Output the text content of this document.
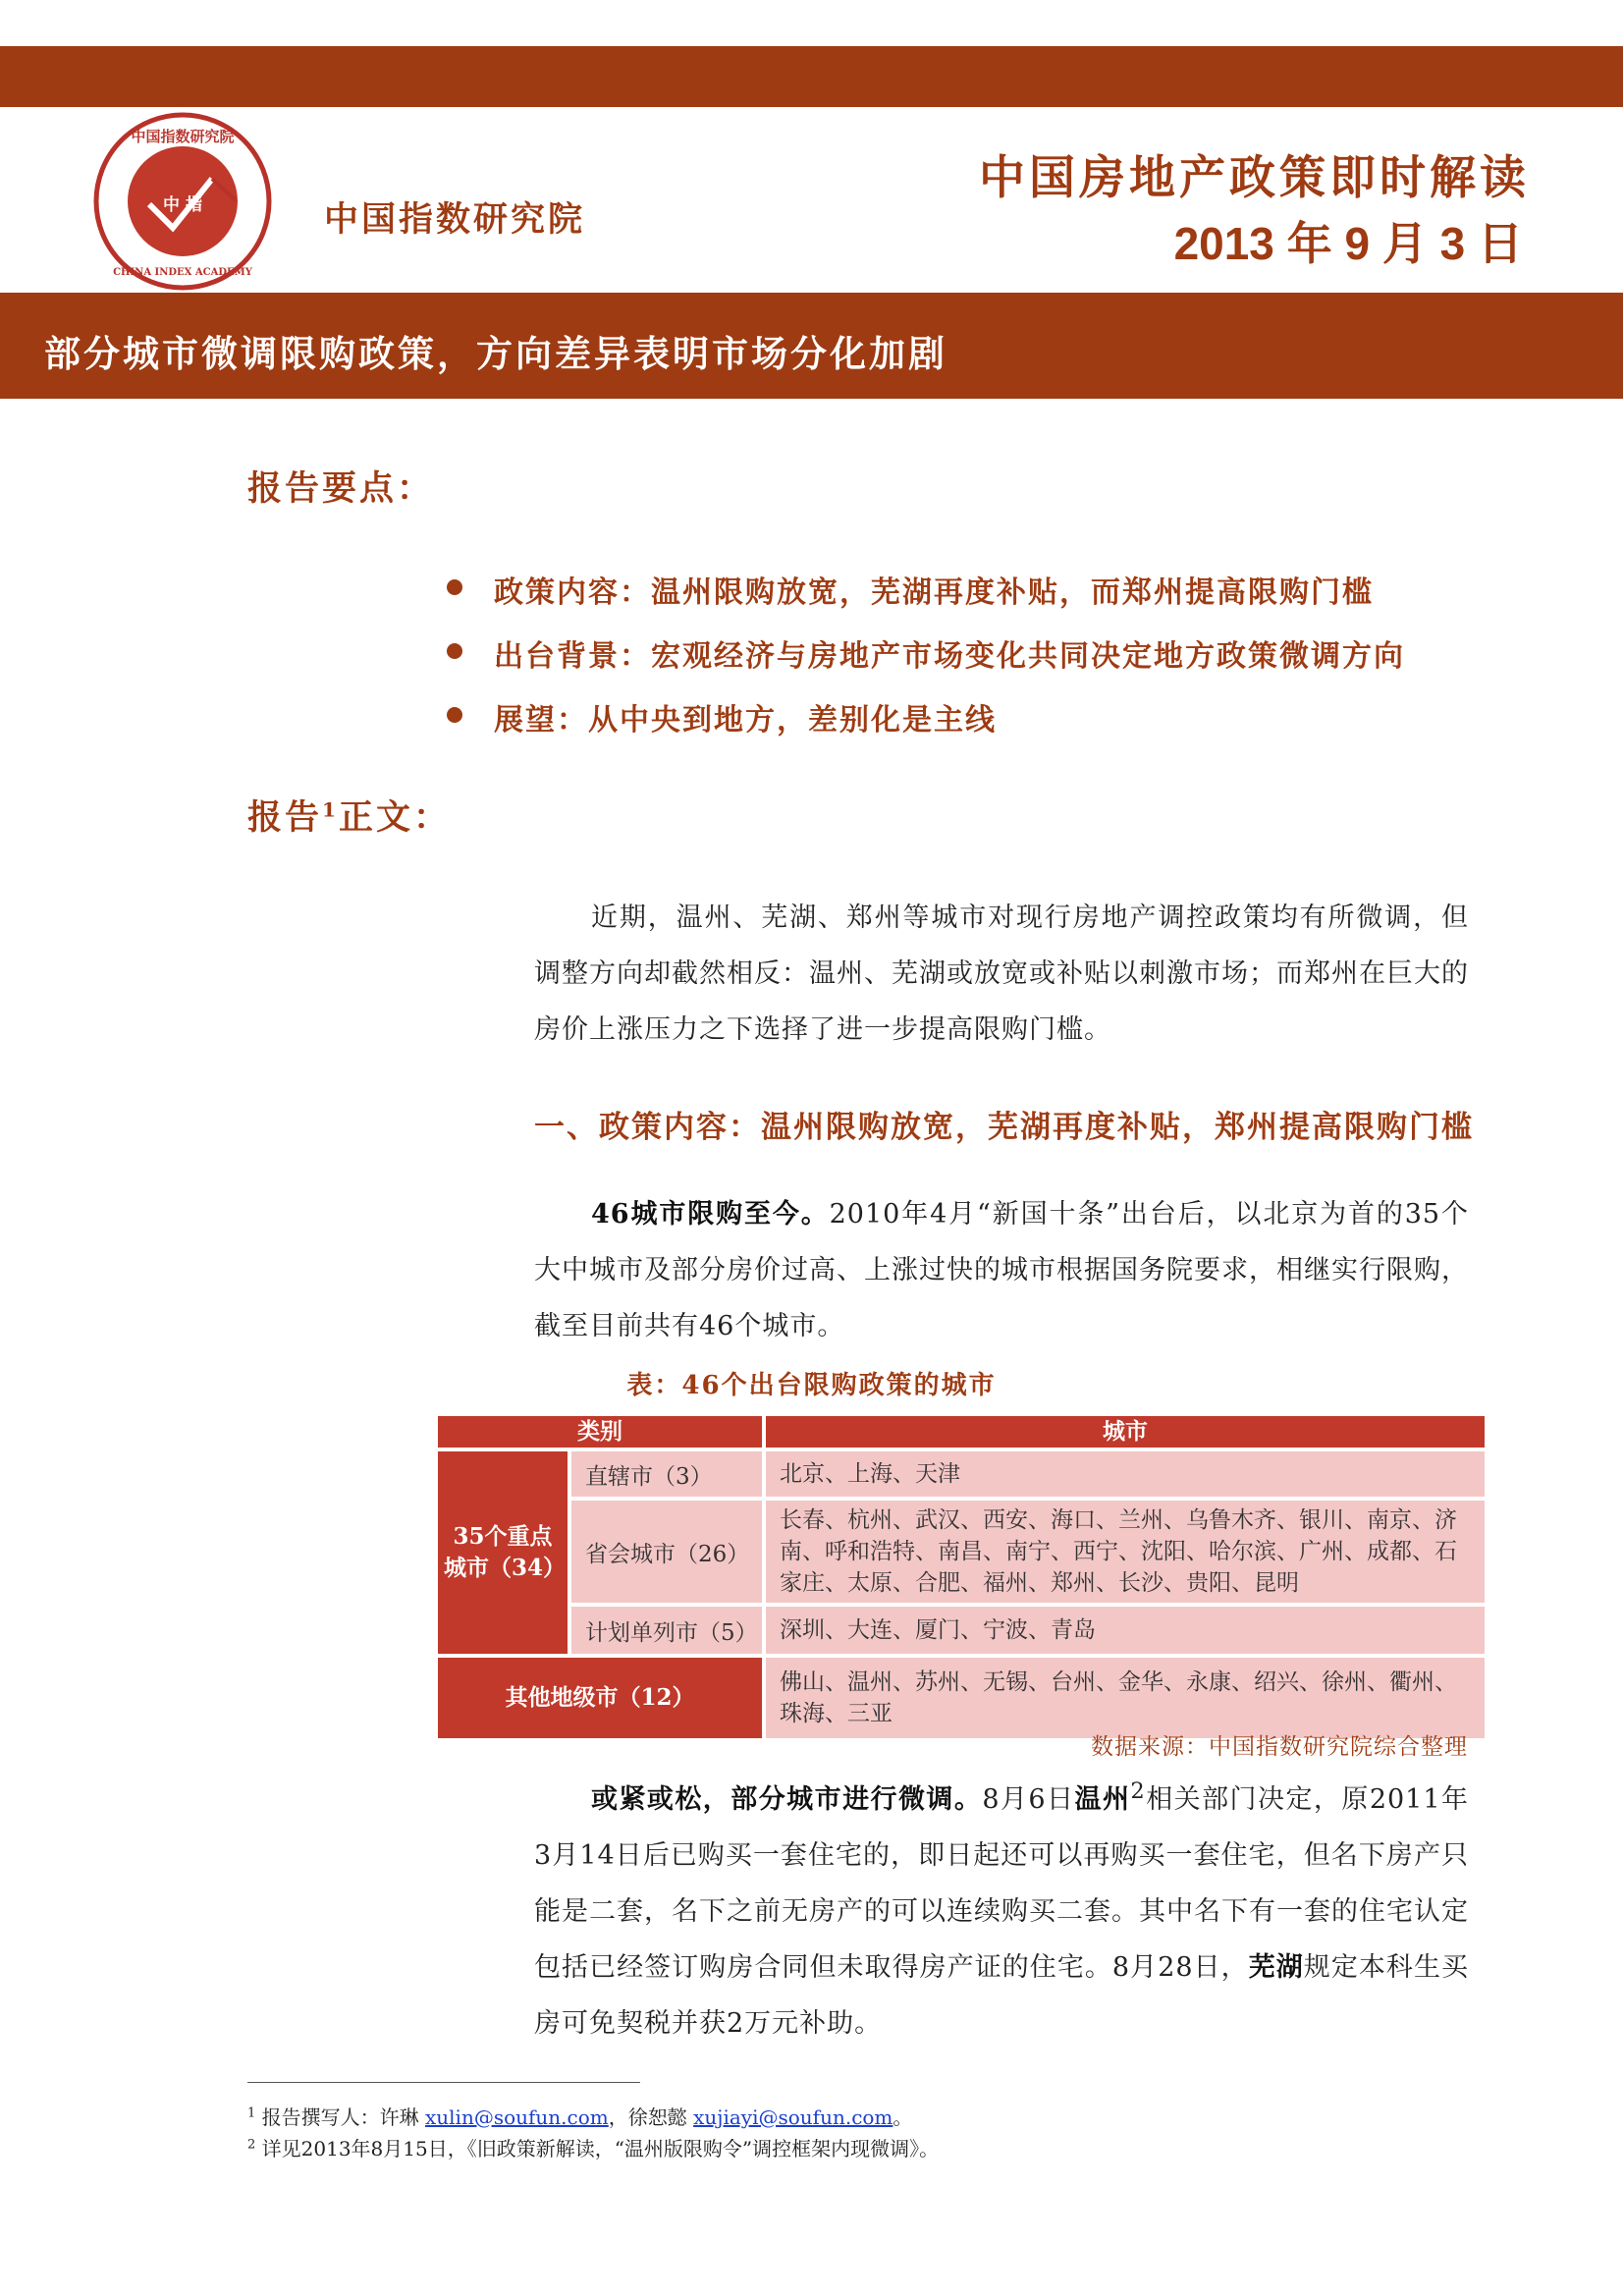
中国指数研究院
中 指
CHINA INDEX ACADEMY
中国指数研究院
中国房地产政策即时解读
2013 年 9 月 3 日
部分城市微调限购政策，方向差异表明市场分化加剧
报告要点：
政策内容：温州限购放宽，芜湖再度补贴，而郑州提高限购门槛
出台背景：宏观经济与房地产市场变化共同决定地方政策微调方向
展望：从中央到地方，差别化是主线
报告$^1$正文：

近期，温州、芜湖、郑州等城市对现行房地产调控政策均有所微调，但调整方向却截然相反：温州、芜湖或放宽或补贴以刺激市场；而郑州在巨大的房价上涨压力之下选择了进一步提高限购门槛。

一、政策内容：温州限购放宽，芜湖再度补贴，郑州提高限购门槛

46城市限购至今。2010年4月“新国十条”出台后，以北京为首的35个大中城市及部分房价过高、上涨过快的城市根据国务院要求，相继实行限购，截至目前共有46个城市。

表：46个出台限购政策的城市
类别	城市
35个重点城市（34）
直辖市（3）	北京、上海、天津
省会城市（26）
长春、杭州、武汉、西安、海口、兰州、乌鲁木齐、银川、南京、济南、呼和浩特、南昌、南宁、西宁、沈阳、哈尔滨、广州、成都、石家庄、太原、合肥、福州、郑州、长沙、贵阳、昆明
计划单列市（5） 深圳、大连、厦门、宁波、青岛
其他地级市（12）
佛山、温州、苏州、无锡、台州、金华、永康、绍兴、徐州、衢州、珠海、三亚
数据来源：中国指数研究院综合整理

或紧或松，部分城市进行微调。8月6日温州$^2$相关部门决定，原2011年3月14日后已购买一套住宅的，即日起还可以再购买一套住宅，但名下房产只能是二套，名下之前无房产的可以连续购买二套。其中名下有一套的住宅认定包括已经签订购房合同但未取得房产证的住宅。8月28日，芜湖规定本科生买房可免契税并获2万元补助。

$^1$ 报告撰写人：许琳 xulin@soufun.com，徐恕懿 xujiayi@soufun.com。
$^2$ 详见2013年8月15日，《旧政策新解读，“温州版限购令”调控框架内现微调》。
